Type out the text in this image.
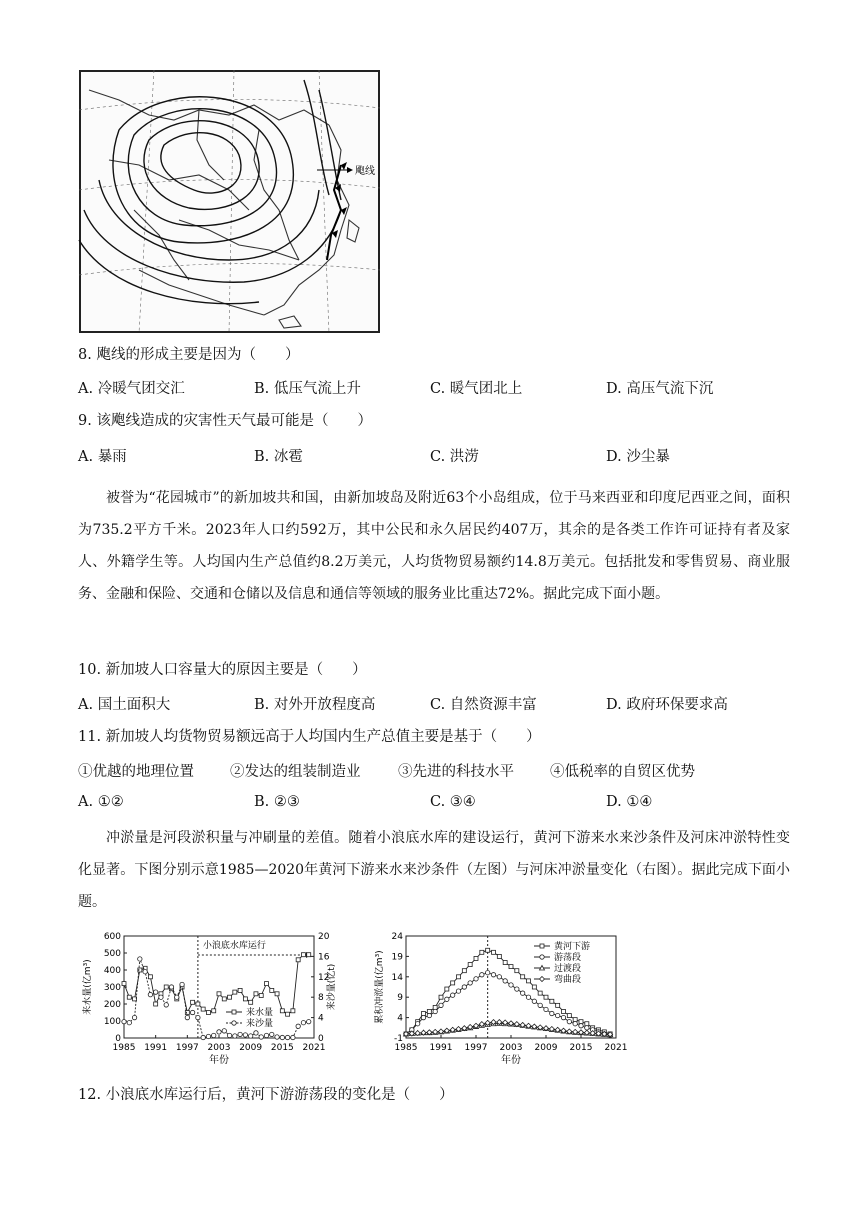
飑线
8. 飑线的形成主要是因为（　　）
A. 冷暖气团交汇	B. 低压气流上升	C. 暖气团北上	D. 高压气流下沉
9. 该飑线造成的灾害性天气最可能是（　　）
A. 暴雨	B. 冰雹	C. 洪涝	D. 沙尘暴

被誉为“花园城市”的新加坡共和国，由新加坡岛及附近63个小岛组成，位于马来西亚和印度尼西亚之间，面积为735.2平方千米。2023年人口约592万，其中公民和永久居民约407万，其余的是各类工作许可证持有者及家人、外籍学生等。人均国内生产总值约8.2万美元，人均货物贸易额约14.8万美元。包括批发和零售贸易、商业服务、金融和保险、交通和仓储以及信息和通信等领域的服务业比重达72%。据此完成下面小题。

10. 新加坡人口容量大的原因主要是（　　）
A. 国土面积大	B. 对外开放程度高	C. 自然资源丰富	D. 政府环保要求高
11. 新加坡人均货物贸易额远高于人均国内生产总值主要是基于（　　）
①优越的地理位置 ②发达的组装制造业	③先进的科技水平 ④低税率的自贸区优势
A. ①②	B. ②③	C. ③④	D. ①④

冲淤量是河段淤积量与冲刷量的差值。随着小浪底水库的建设运行，黄河下游来水来沙条件及河床冲淤特性变化显著。下图分别示意1985—2020年黄河下游来水来沙条件（左图）与河床冲淤量变化（右图）。据此完成下面小题。

0
100
200
300
400
500
600
0
4
8
12
16
20
1985 1991 1997 2003 2009 2015 2021
年份
来水量(亿m³)	来沙量(亿t)
小浪底水库运行
来水量
来沙量
-1
4
9
14
19
24
1985 1991 1997 2003 2009 2015 2021
年份
累积冲淤量(亿m³)
黄河下游
游荡段
过渡段
弯曲段
12. 小浪底水库运行后，黄河下游游荡段的变化是（　　）
